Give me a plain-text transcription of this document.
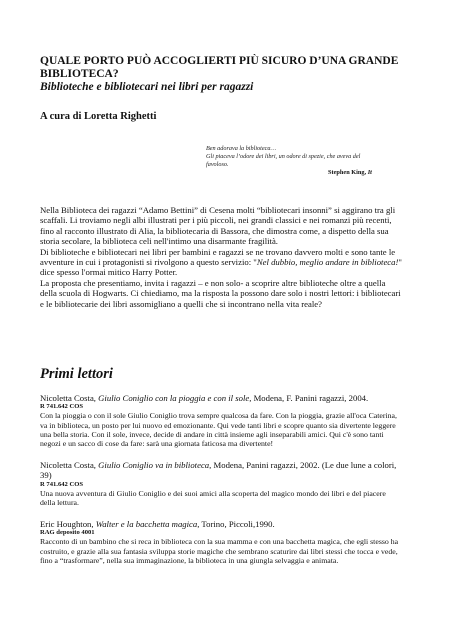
QUALE PORTO PUÒ ACCOGLIERTI PIÙ SICURO D’UNA GRANDE BIBLIOTECA?
Biblioteche e bibliotecari nei libri per ragazzi
A cura di Loretta Righetti
Ben adorava la biblioteca…
Gli piaceva l’odore dei libri, un odore di spezie, che aveva del
favoloso.
Stephen King, It

Nella Biblioteca dei ragazzi “Adamo Bettini” di Cesena molti “bibliotecari insonni” si aggirano tra gli scaffali. Li troviamo negli albi illustrati per i più piccoli, nei grandi classici e nei romanzi più recenti, fino al racconto illustrato di Alia, la bibliotecaria di Bassora, che dimostra come, a dispetto della sua storia secolare, la biblioteca celi nell'intimo una disarmante fragilità.

Di biblioteche e bibliotecari nei libri per bambini e ragazzi se ne trovano davvero molti e sono tante le avventure in cui i protagonisti si rivolgono a questo servizio: "Nel dubbio, meglio andare in biblioteca!" dice spesso l'ormai mitico Harry Potter.

La proposta che presentiamo, invita i ragazzi – e non solo- a scoprire altre biblioteche oltre a quella della scuola di Hogwarts. Ci chiediamo, ma la risposta la possono dare solo i nostri lettori: i bibliotecari e le bibliotecarie dei libri assomigliano a quelli che si incontrano nella vita reale?

Primi lettori

Nicoletta Costa, Giulio Coniglio con la pioggia e con il sole, Modena, F. Panini ragazzi, 2004.

R 741.642 COS

Con la pioggia o con il sole Giulio Coniglio trova sempre qualcosa da fare. Con la pioggia, grazie all'oca Caterina, va in biblioteca, un posto per lui nuovo ed emozionante. Qui vede tanti libri e scopre quanto sia divertente leggere una bella storia. Con il sole, invece, decide di andare in città insieme agli inseparabili amici. Qui c'è sono tanti negozi e un sacco di cose da fare: sarà una giornata faticosa ma divertente!

Nicoletta Costa, Giulio Coniglio va in biblioteca, Modena, Panini ragazzi, 2002. (Le due lune a colori, 39)

R 741.642 COS

Una nuova avventura di Giulio Coniglio e dei suoi amici alla scoperta del magico mondo dei libri e del piacere della lettura.

Eric Houghton, Walter e la bacchetta magica, Torino, Piccoli,1990.

RAG deposito 4001

Racconto di un bambino che si reca in biblioteca con la sua mamma e con una bacchetta magica, che egli stesso ha costruito, e grazie alla sua fantasia sviluppa storie magiche che sembrano scaturire dai libri stessi che tocca e vede, fino a “trasformare”, nella sua immaginazione, la biblioteca in una giungla selvaggia e animata.
